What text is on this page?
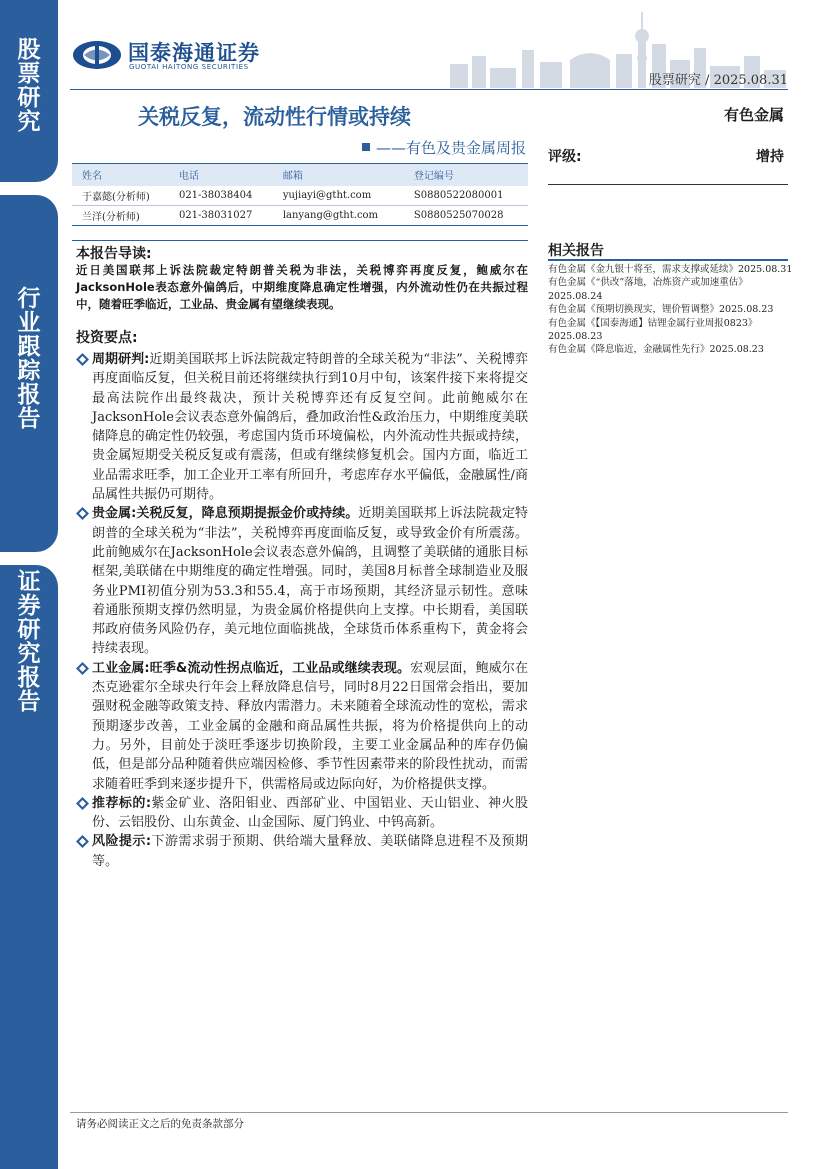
股
票
研
究
行
业
跟
踪
报
告
证
券
研
究
报
告
国泰海通证券
GUOTAI HAITONG SECURITIES
股票研究 / 2025.08.31
关税反复，流动性行情或持续	有色金属
——有色及贵金属周报 评级:	增持
姓名	电话	邮箱	登记编号
于嘉懿(分析师)	021-38038404	yujiayi@gtht.com	S0880522080001
兰洋(分析师)	021-38031027	lanyang@gtht.com	S0880525070028
本报告导读:
近日美国联邦上诉法院裁定特朗普关税为非法，关税博弈再度反复，鲍威尔在JacksonHole表态意外偏鸽后，中期维度降息确定性增强，内外流动性仍在共振过程中，随着旺季临近，工业品、贵金属有望继续表现。
投资要点:
周期研判:近期美国联邦上诉法院裁定特朗普的全球关税为“非法”、关税博弈再度面临反复，但关税目前还将继续执行到10月中旬，该案件接下来将提交最高法院作出最终裁决，预计关税博弈还有反复空间。此前鲍威尔在JacksonHole会议表态意外偏鸽后，叠加政治性&政治压力，中期维度美联储降息的确定性仍较强，考虑国内货币环境偏松，内外流动性共振或持续，贵金属短期受关税反复或有震荡，但或有继续修复机会。国内方面，临近工业品需求旺季，加工企业开工率有所回升，考虑库存水平偏低，金融属性/商品属性共振仍可期待。
贵金属:关税反复，降息预期提振金价或持续。近期美国联邦上诉法院裁定特朗普的全球关税为“非法”，关税博弈再度面临反复，或导致金价有所震荡。此前鲍威尔在JacksonHole会议表态意外偏鸽，且调整了美联储的通胀目标框架,美联储在中期维度的确定性增强。同时，美国8月标普全球制造业及服务业PMI初值分别为53.3和55.4，高于市场预期，其经济显示韧性。意味着通胀预期支撑仍然明显，为贵金属价格提供向上支撑。中长期看，美国联邦政府债务风险仍存，美元地位面临挑战，全球货币体系重构下，黄金将会持续表现。
工业金属:旺季&流动性拐点临近，工业品或继续表现。宏观层面，鲍威尔在杰克逊霍尔全球央行年会上释放降息信号，同时8月22日国常会指出，要加强财税金融等政策支持、释放内需潜力。未来随着全球流动性的宽松，需求预期逐步改善，工业金属的金融和商品属性共振，将为价格提供向上的动力。另外，目前处于淡旺季逐步切换阶段，主要工业金属品种的库存仍偏低，但是部分品种随着供应端因检修、季节性因素带来的阶段性扰动，而需求随着旺季到来逐步提升下，供需格局或边际向好，为价格提供支撑。
推荐标的:紫金矿业、洛阳钼业、西部矿业、中国铝业、天山铝业、神火股份、云铝股份、山东黄金、山金国际、厦门钨业、中钨高新。
风险提示:下游需求弱于预期、供给端大量释放、美联储降息进程不及预期等。
相关报告
有色金属《金九银十将至，需求支撑或延续》2025.08.31
有色金属《“供改”落地，冶炼资产或加速重估》2025.08.24
有色金属《预期切换现实，锂价暂调整》2025.08.23
有色金属《【国泰海通】钴锂金属行业周报0823》2025.08.23
有色金属《降息临近，金融属性先行》2025.08.23
请务必阅读正文之后的免责条款部分
